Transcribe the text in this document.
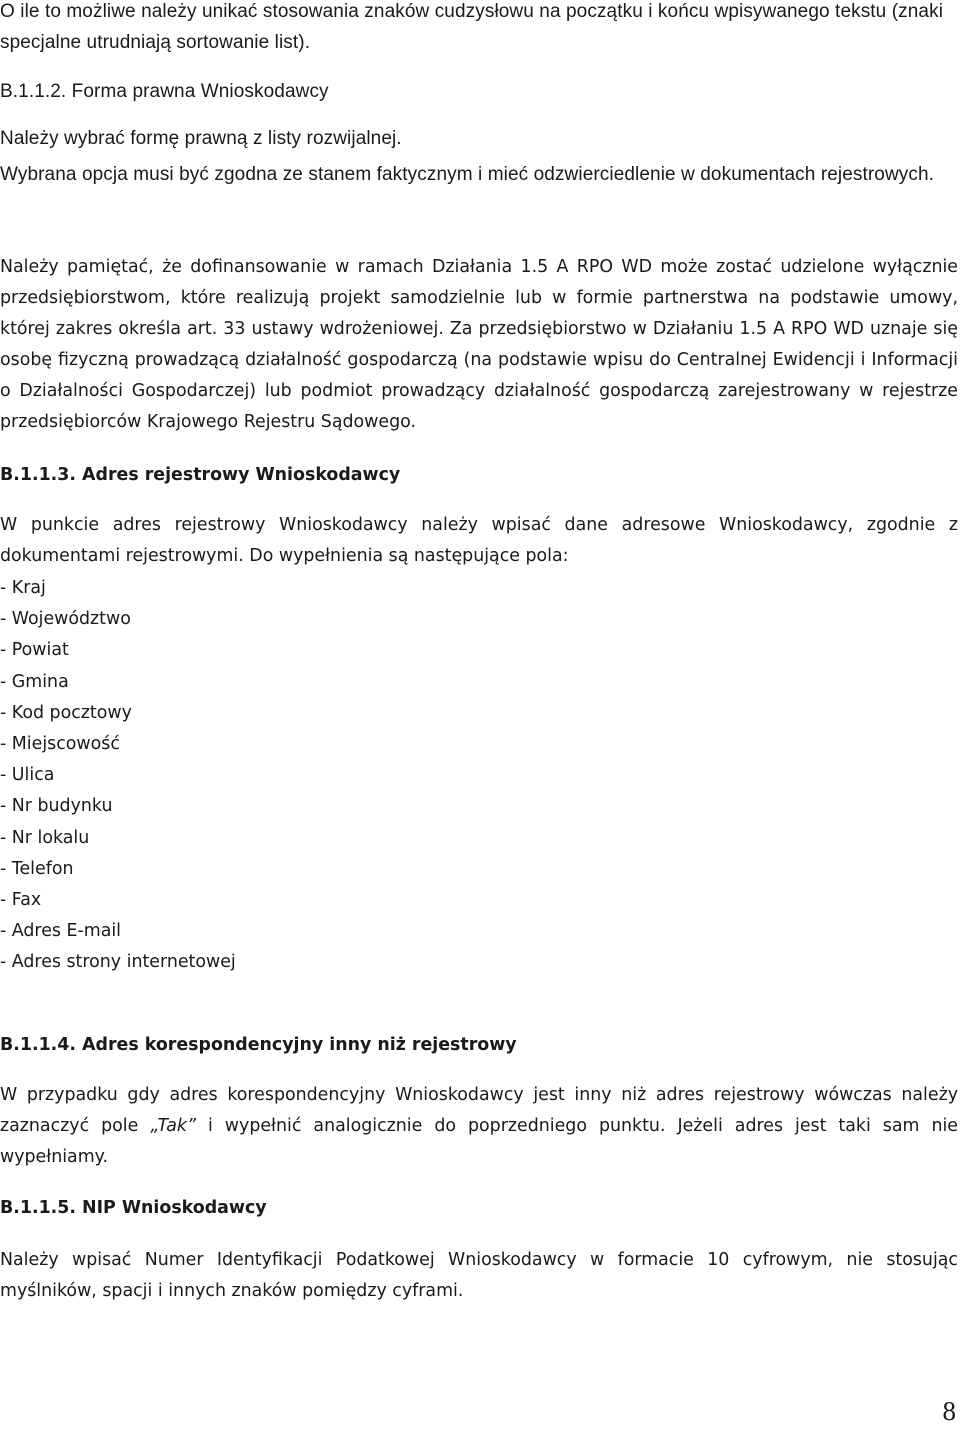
O ile to możliwe należy unikać stosowania znaków cudzysłowu na początku i końcu wpisywanego tekstu (znaki specjalne utrudniają sortowanie list).

B.1.1.2. Forma prawna Wnioskodawcy

Należy wybrać formę prawną z listy rozwijalnej.

Wybrana opcja musi być zgodna ze stanem faktycznym i mieć odzwierciedlenie w dokumentach rejestrowych.

Należy pamiętać, że dofinansowanie w ramach Działania 1.5 A RPO WD może zostać udzielone wyłącznie przedsiębiorstwom, które realizują projekt samodzielnie lub w formie partnerstwa na podstawie umowy, której zakres określa art. 33 ustawy wdrożeniowej. Za przedsiębiorstwo w Działaniu 1.5 A RPO WD uznaje się osobę fizyczną prowadzącą działalność gospodarczą (na podstawie wpisu do Centralnej Ewidencji i Informacji o Działalności Gospodarczej) lub podmiot prowadzący działalność gospodarczą zarejestrowany w rejestrze przedsiębiorców Krajowego Rejestru Sądowego.

B.1.1.3. Adres rejestrowy Wnioskodawcy

W punkcie adres rejestrowy Wnioskodawcy należy wpisać dane adresowe Wnioskodawcy, zgodnie z dokumentami rejestrowymi. Do wypełnienia są następujące pola:

- Kraj
- Województwo
- Powiat
- Gmina
- Kod pocztowy
- Miejscowość
- Ulica
- Nr budynku
- Nr lokalu
- Telefon
- Fax
- Adres E-mail
- Adres strony internetowej

B.1.1.4. Adres korespondencyjny inny niż rejestrowy

W przypadku gdy adres korespondencyjny Wnioskodawcy jest inny niż adres rejestrowy wówczas należy zaznaczyć pole „Tak” i wypełnić analogicznie do poprzedniego punktu. Jeżeli adres jest taki sam nie wypełniamy.

B.1.1.5. NIP Wnioskodawcy

Należy wpisać Numer Identyfikacji Podatkowej Wnioskodawcy w formacie 10 cyfrowym, nie stosując myślników, spacji i innych znaków pomiędzy cyframi.

8
